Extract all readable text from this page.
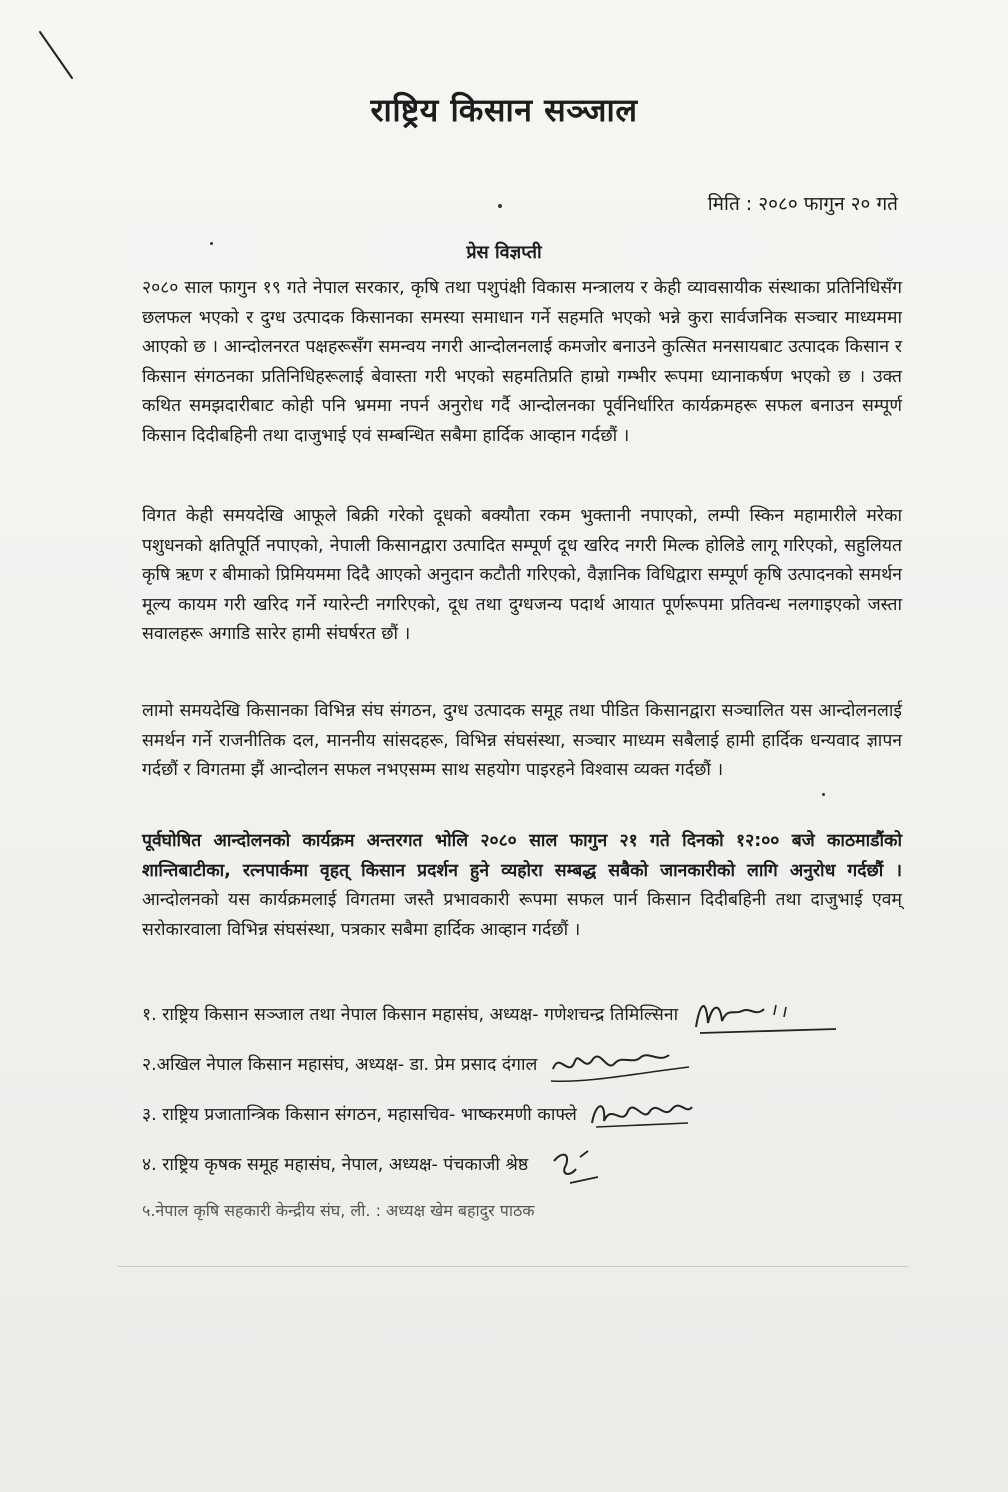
राष्ट्रिय किसान सञ्जाल
मिति : २०८० फागुन २० गते
प्रेस विज्ञप्ती

२०८० साल फागुन १९ गते नेपाल सरकार, कृषि तथा पशुपंक्षी विकास मन्त्रालय र केही व्यावसायीक संस्थाका प्रतिनिधिसँग छलफल भएको र दुग्ध उत्पादक किसानका समस्या समाधान गर्ने सहमति भएको भन्ने कुरा सार्वजनिक सञ्चार माध्यममा आएको छ । आन्दोलनरत पक्षहरूसँग समन्वय नगरी आन्दोलनलाई कमजोर बनाउने कुत्सित मनसायबाट उत्पादक किसान र किसान संगठनका प्रतिनिधिहरूलाई बेवास्ता गरी भएको सहमतिप्रति हाम्रो गम्भीर रूपमा ध्यानाकर्षण भएको छ । उक्त कथित समझदारीबाट कोही पनि भ्रममा नपर्न अनुरोध गर्दै आन्दोलनका पूर्वनिर्धारित कार्यक्रमहरू सफल बनाउन सम्पूर्ण किसान दिदीबहिनी तथा दाजुभाई एवं सम्बन्धित सबैमा हार्दिक आव्हान गर्दछौं ।

विगत केही समयदेखि आफूले बिक्री गरेको दूधको बक्यौता रकम भुक्तानी नपाएको, लम्पी स्किन महामारीले मरेका पशुधनको क्षतिपूर्ति नपाएको, नेपाली किसानद्वारा उत्पादित सम्पूर्ण दूध खरिद नगरी मिल्क होलिडे लागू गरिएको, सहुलियत कृषि ऋण र बीमाको प्रिमियममा दिदै आएको अनुदान कटौती गरिएको, वैज्ञानिक विधिद्वारा सम्पूर्ण कृषि उत्पादनको समर्थन मूल्य कायम गरी खरिद गर्ने ग्यारेन्टी नगरिएको, दूध तथा दुग्धजन्य पदार्थ आयात पूर्णरूपमा प्रतिवन्ध नलगाइएको जस्ता सवालहरू अगाडि सारेर हामी संघर्षरत छौं ।

लामो समयदेखि किसानका विभिन्न संघ संगठन, दुग्ध उत्पादक समूह तथा पीडित किसानद्वारा सञ्चालित यस आन्दोलनलाई समर्थन गर्ने राजनीतिक दल, माननीय सांसदहरू, विभिन्न संघसंस्था, सञ्चार माध्यम सबैलाई हामी हार्दिक धन्यवाद ज्ञापन गर्दछौं र विगतमा झैं आन्दोलन सफल नभएसम्म साथ सहयोग पाइरहने विश्वास व्यक्त गर्दछौं ।

पूर्वघोषित आन्दोलनको कार्यक्रम अन्तरगत भोलि २०८० साल फागुन २१ गते दिनको १२:०० बजे काठमाडौंको शान्तिबाटीका, रत्नपार्कमा वृहत् किसान प्रदर्शन हुने व्यहोरा सम्बद्ध सबैको जानकारीको लागि अनुरोध गर्दछौं । आन्दोलनको यस कार्यक्रमलाई विगतमा जस्तै प्रभावकारी रूपमा सफल पार्न किसान दिदीबहिनी तथा दाजुभाई एवम् सरोकारवाला विभिन्न संघसंस्था, पत्रकार सबैमा हार्दिक आव्हान गर्दछौं ।

१. राष्ट्रिय किसान सञ्जाल तथा नेपाल किसान महासंघ, अध्यक्ष- गणेशचन्द्र तिमिल्सिना
२.अखिल नेपाल किसान महासंघ, अध्यक्ष- डा. प्रेम प्रसाद दंगाल
३. राष्ट्रिय प्रजातान्त्रिक किसान संगठन, महासचिव- भाष्करमणी काफ्ले
४. राष्ट्रिय कृषक समूह महासंघ, नेपाल, अध्यक्ष- पंचकाजी श्रेष्ठ
५.नेपाल कृषि सहकारी केन्द्रीय संघ, ली. : अध्यक्ष खेम बहादुर पाठक
